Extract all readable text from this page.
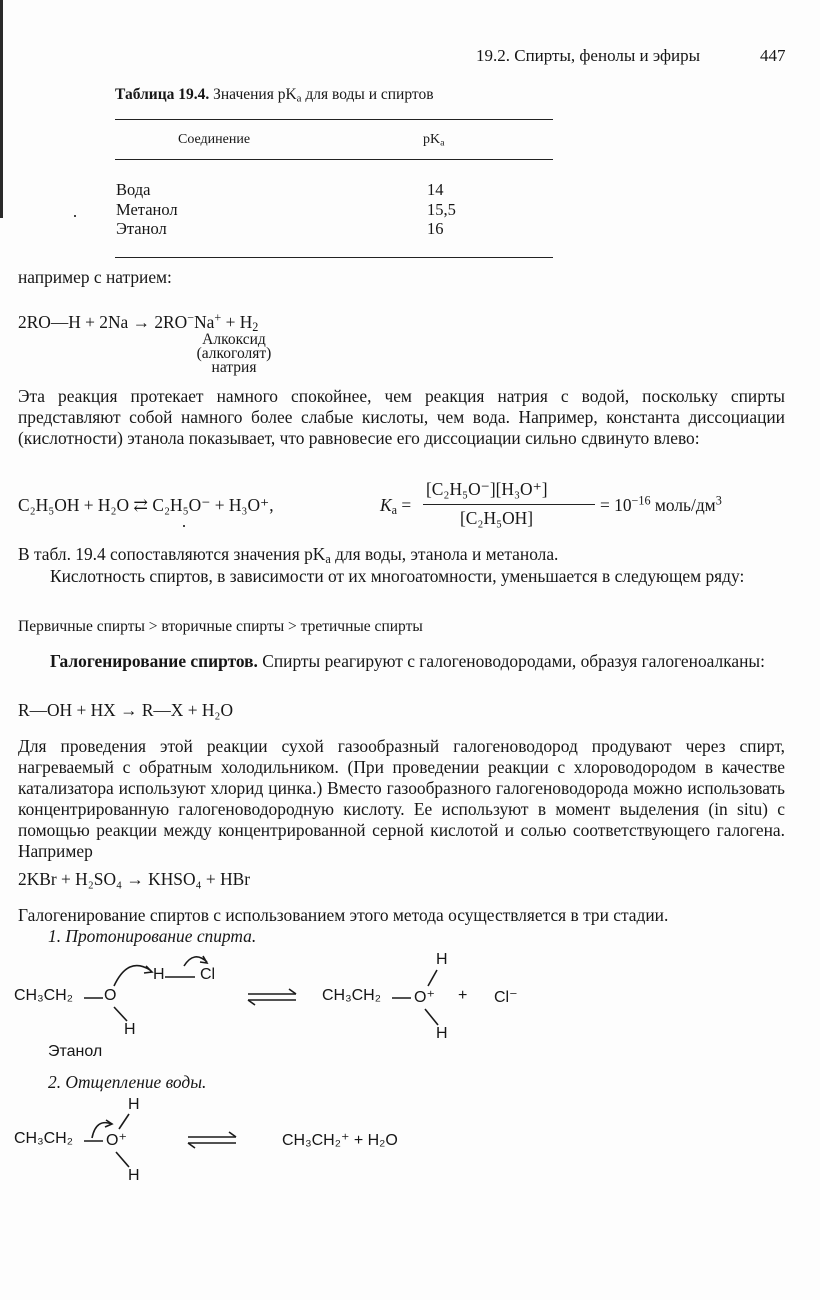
19.2. Спирты, фенолы и эфиры	447
Таблица 19.4. Значения $pK_a$ для воды и спиртов
Соединение	$pK_a$
Вода	14
Метанол	15,5
Этанол	16
например с натрием:
2RO—H + $2Na \to 2RO^-Na^+ + H_2$
Алкоксид
(алкоголят)
натрия
Эта реакция протекает намного спокойнее, чем реакция натрия с водой, поскольку спирты представляют собой намного более слабые кислоты, чем вода. Например, константа диссоциации (кислотности) этанола показывает, что равновесие его диссоциации сильно сдвинуто влево:
C₂H₅OH + H₂O ⇄ C₂H₅O⁻ + H₃O⁺,	$K_a$ =
[C₂H₅O⁻][H₃O⁺]
[C₂H₅OH]
= $10^{-16}$ моль/$дм^3$
В табл. 19.4 сопоставляются значения $pK_a$ для воды, этанола и метанола.
Кислотность спиртов, в зависимости от их многоатомности, уменьшается в следующем ряду:
Первичные спирты > вторичные спирты > третичные спирты
Галогенирование спиртов. Спирты реагируют с галогеноводородами, образуя галогеноалканы:
R—OH + HX → R—X + H₂O
Для проведения этой реакции сухой газообразный галогеноводород продувают через спирт, нагреваемый с обратным холодильником. (При проведении реакции с хлороводородом в качестве катализатора используют хлорид цинка.) Вместо газообразного галогеноводорода можно использовать концентрированную галогеноводородную кислоту. Ее используют в момент выделения (in situ) с помощью реакции между концентрированной серной кислотой и солью соответствующего галогена. Например
2KBr + H₂SO₄ → KHSO₄ + HBr
Галогенирование спиртов с использованием этого метода осуществляется в три стадии.
1. Протонирование спирта.
CH₃CH₂ O
H
H Cl
Этанол
CH₃CH₂ O⁺
H
H
+ Cl⁻
2. Отщепление воды.
CH₃CH₂ O⁺
H
H
CH₃CH₂⁺ + H₂O
